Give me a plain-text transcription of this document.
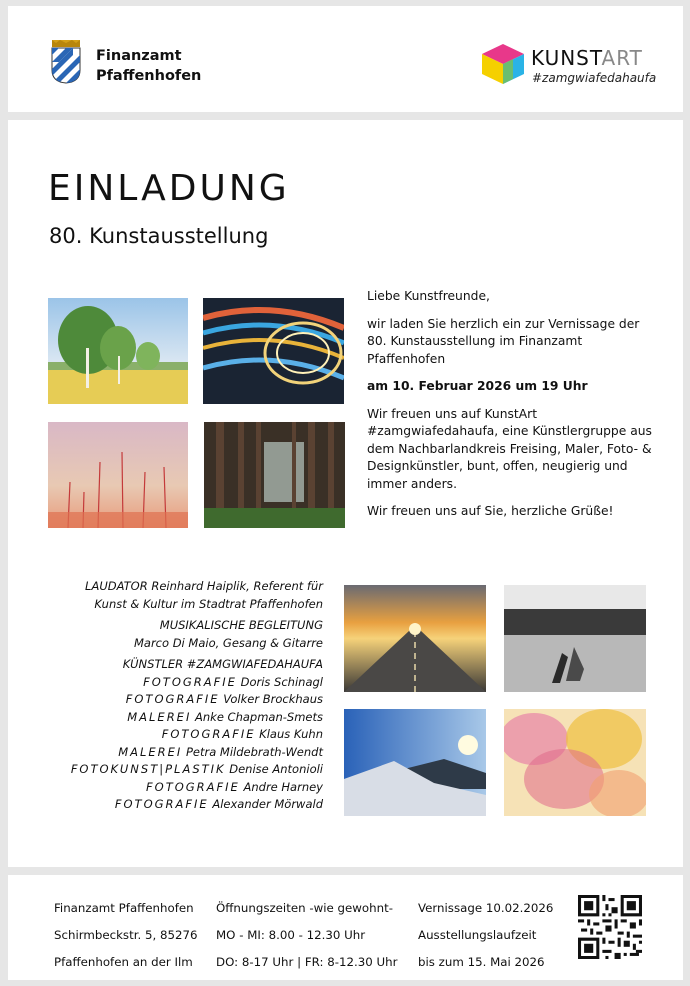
Finanzamt
Pfaffenhofen
KUNSTART
#zamgwiafedahaufa
EINLADUNG
80. Kunstausstellung

Liebe Kunstfreunde,

wir laden Sie herzlich ein zur Vernissage der 80. Kunstausstellung im Finanzamt Pfaffenhofen

am 10. Februar 2026 um 19 Uhr

Wir freuen uns auf KunstArt #zamgwiafedahaufa, eine Künstlergruppe aus dem Nachbarlandkreis Freising, Maler, Foto- & Designkünstler, bunt, offen, neugierig und immer anders.

Wir freuen uns auf Sie, herzliche Grüße!

LAUDATOR Reinhard Haiplik, Referent für
Kunst & Kultur im Stadtrat Pfaffenhofen
MUSIKALISCHE BEGLEITUNG
Marco Di Maio, Gesang & Gitarre
KÜNSTLER #ZAMGWIAFEDAHAUFA
FOTOGRAFIE Doris Schinagl
FOTOGRAFIE Volker Brockhaus
MALEREI Anke Chapman-Smets
FOTOGRAFIE Klaus Kuhn
MALEREI Petra Mildebrath-Wendt
FOTOKUNST|PLASTIK Denise Antonioli
FOTOGRAFIE Andre Harney
FOTOGRAFIE Alexander Mörwald
Finanzamt Pfaffenhofen
Schirmbeckstr. 5, 85276
Pfaffenhofen an der Ilm
Öffnungszeiten -wie gewohnt-
MO - MI: 8.00 - 12.30 Uhr
DO: 8-17 Uhr | FR: 8-12.30 Uhr
Vernissage 10.02.2026
Ausstellungslaufzeit
bis zum 15. Mai 2026
